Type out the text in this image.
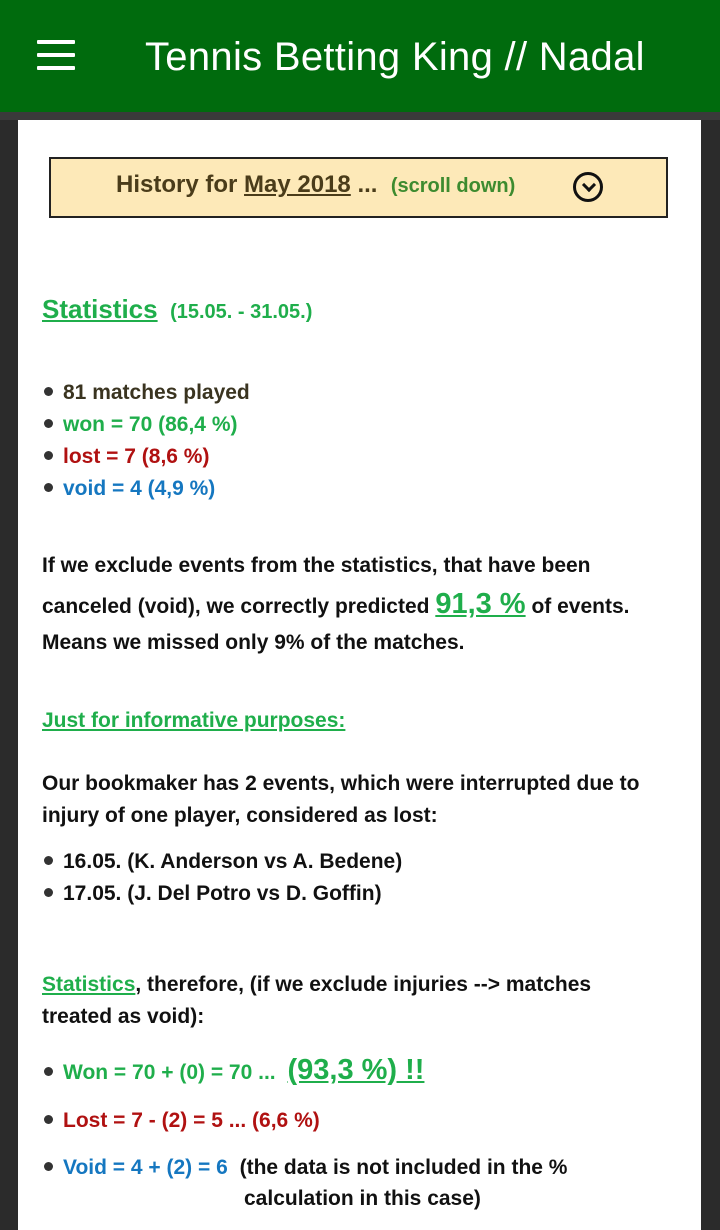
Tennis Betting King // Nadal
History for May 2018 ... (scroll down)
Statistics (15.05. - 31.05.)
81 matches played
won = 70 (86,4 %)
lost = 7 (8,6 %)
void = 4 (4,9 %)
If we exclude events from the statistics, that have been
canceled (void), we correctly predicted 91,3 % of events.
Means we missed only 9% of the matches.
Just for informative purposes:
Our bookmaker has 2 events, which were interrupted due to
injury of one player, considered as lost:
16.05. (K. Anderson vs A. Bedene)
17.05. (J. Del Potro vs D. Goffin)
Statistics, therefore, (if we exclude injuries --> matches
treated as void):
Won = 70 + (0) = 70 ... (93,3 %) !!
Lost = 7 - (2) = 5 ... (6,6 %)
Void = 4 + (2) = 6 (the data is not included in the %
calculation in this case)
